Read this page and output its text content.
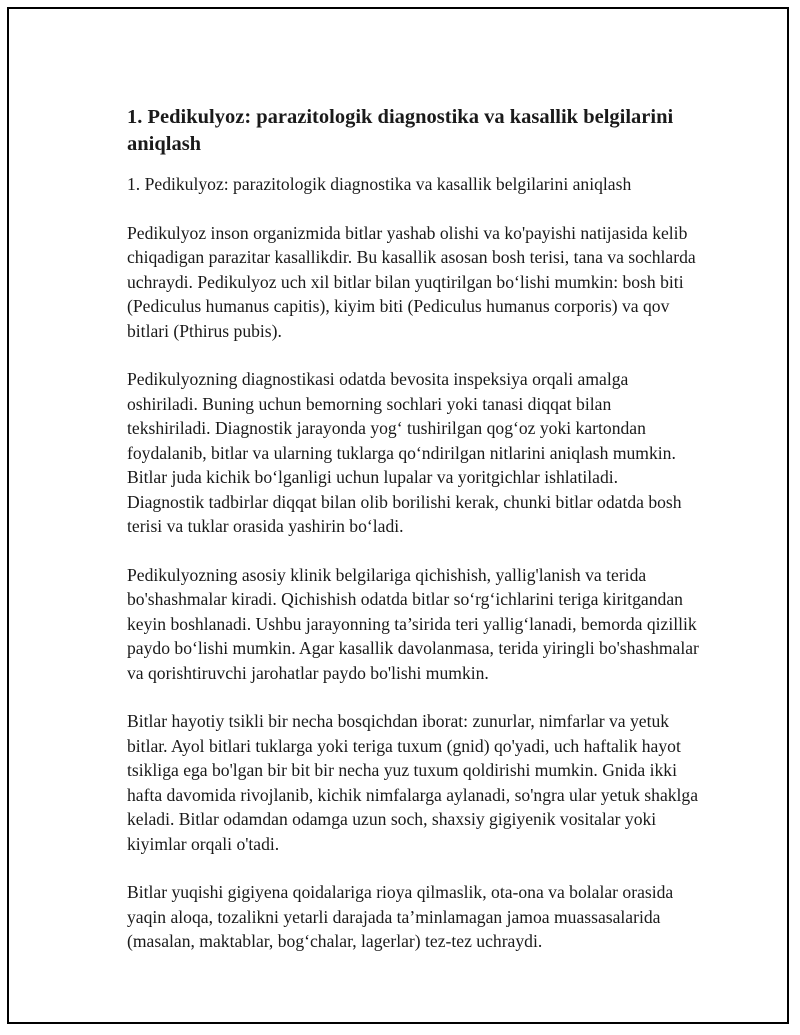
1. Pedikulyoz: parazitologik diagnostika va kasallik belgilarini aniqlash

1. Pedikulyoz: parazitologik diagnostika va kasallik belgilarini aniqlash

Pedikulyoz inson organizmida bitlar yashab olishi va ko'payishi natijasida kelib chiqadigan parazitar kasallikdir. Bu kasallik asosan bosh terisi, tana va sochlarda uchraydi. Pedikulyoz uch xil bitlar bilan yuqtirilgan bo‘lishi mumkin: bosh biti (Pediculus humanus capitis), kiyim biti (Pediculus humanus corporis) va qov bitlari (Pthirus pubis).

Pedikulyozning diagnostikasi odatda bevosita inspeksiya orqali amalga oshiriladi. Buning uchun bemorning sochlari yoki tanasi diqqat bilan tekshiriladi. Diagnostik jarayonda yog‘ tushirilgan qog‘oz yoki kartondan foydalanib, bitlar va ularning tuklarga qo‘ndirilgan nitlarini aniqlash mumkin. Bitlar juda kichik bo‘lganligi uchun lupalar va yoritgichlar ishlatiladi. Diagnostik tadbirlar diqqat bilan olib borilishi kerak, chunki bitlar odatda bosh terisi va tuklar orasida yashirin bo‘ladi.

Pedikulyozning asosiy klinik belgilariga qichishish, yallig'lanish va terida bo'shashmalar kiradi. Qichishish odatda bitlar so‘rg‘ichlarini teriga kiritgandan keyin boshlanadi. Ushbu jarayonning ta’sirida teri yallig‘lanadi, bemorda qizillik paydo bo‘lishi mumkin. Agar kasallik davolanmasa, terida yiringli bo'shashmalar va qorishtiruvchi jarohatlar paydo bo'lishi mumkin.

Bitlar hayotiy tsikli bir necha bosqichdan iborat: zunurlar, nimfarlar va yetuk bitlar. Ayol bitlari tuklarga yoki teriga tuxum (gnid) qo'yadi, uch haftalik hayot tsikliga ega bo'lgan bir bit bir necha yuz tuxum qoldirishi mumkin. Gnida ikki hafta davomida rivojlanib, kichik nimfalarga aylanadi, so'ngra ular yetuk shaklga keladi. Bitlar odamdan odamga uzun soch, shaxsiy gigiyenik vositalar yoki kiyimlar orqali o'tadi.

Bitlar yuqishi gigiyena qoidalariga rioya qilmaslik, ota-ona va bolalar orasida yaqin aloqa, tozalikni yetarli darajada ta’minlamagan jamoa muassasalarida (masalan, maktablar, bog‘chalar, lagerlar) tez-tez uchraydi.
